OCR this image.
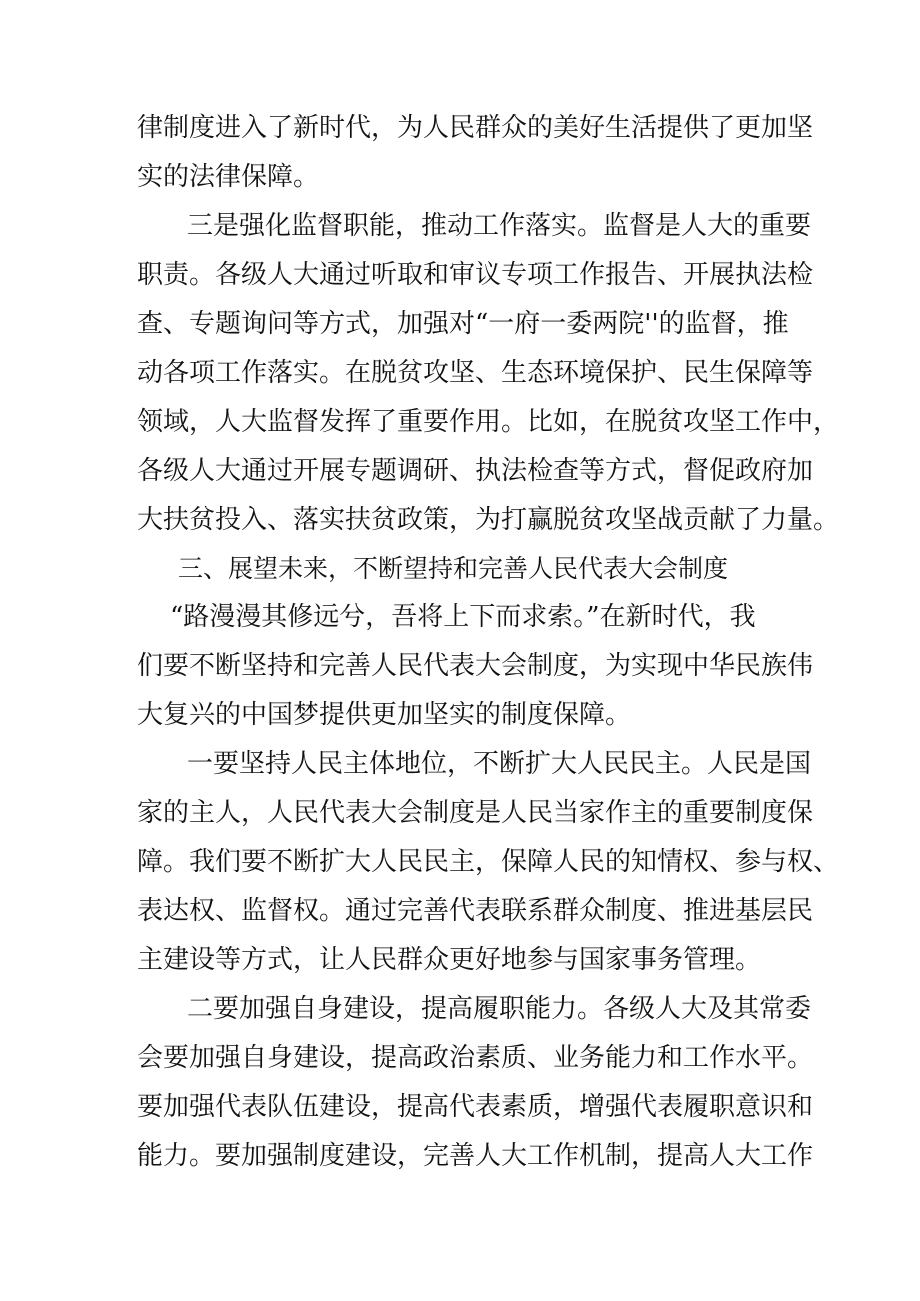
律制度进入了新时代，为人民群众的美好生活提供了更加坚
实的法律保障。
三是强化监督职能，推动工作落实。监督是人大的重要
职责。各级人大通过听取和审议专项工作报告、开展执法检
查、专题询问等方式，加强对“一府一委两院''的监督，推
动各项工作落实。在脱贫攻坚、生态环境保护、民生保障等
领域，人大监督发挥了重要作用。比如，在脱贫攻坚工作中，
各级人大通过开展专题调研、执法检查等方式，督促政府加
大扶贫投入、落实扶贫政策，为打赢脱贫攻坚战贡献了力量。
三、展望未来，不断望持和完善人民代表大会制度
“路漫漫其修远兮，吾将上下而求索。”在新时代，我
们要不断坚持和完善人民代表大会制度，为实现中华民族伟
大复兴的中国梦提供更加坚实的制度保障。
一要坚持人民主体地位，不断扩大人民民主。人民是国
家的主人，人民代表大会制度是人民当家作主的重要制度保
障。我们要不断扩大人民民主，保障人民的知情权、参与权、
表达权、监督权。通过完善代表联系群众制度、推进基层民
主建设等方式，让人民群众更好地参与国家事务管理。
二要加强自身建设，提高履职能力。各级人大及其常委
会要加强自身建设，提高政治素质、业务能力和工作水平。
要加强代表队伍建设，提高代表素质，增强代表履职意识和
能力。要加强制度建设，完善人大工作机制，提高人大工作
